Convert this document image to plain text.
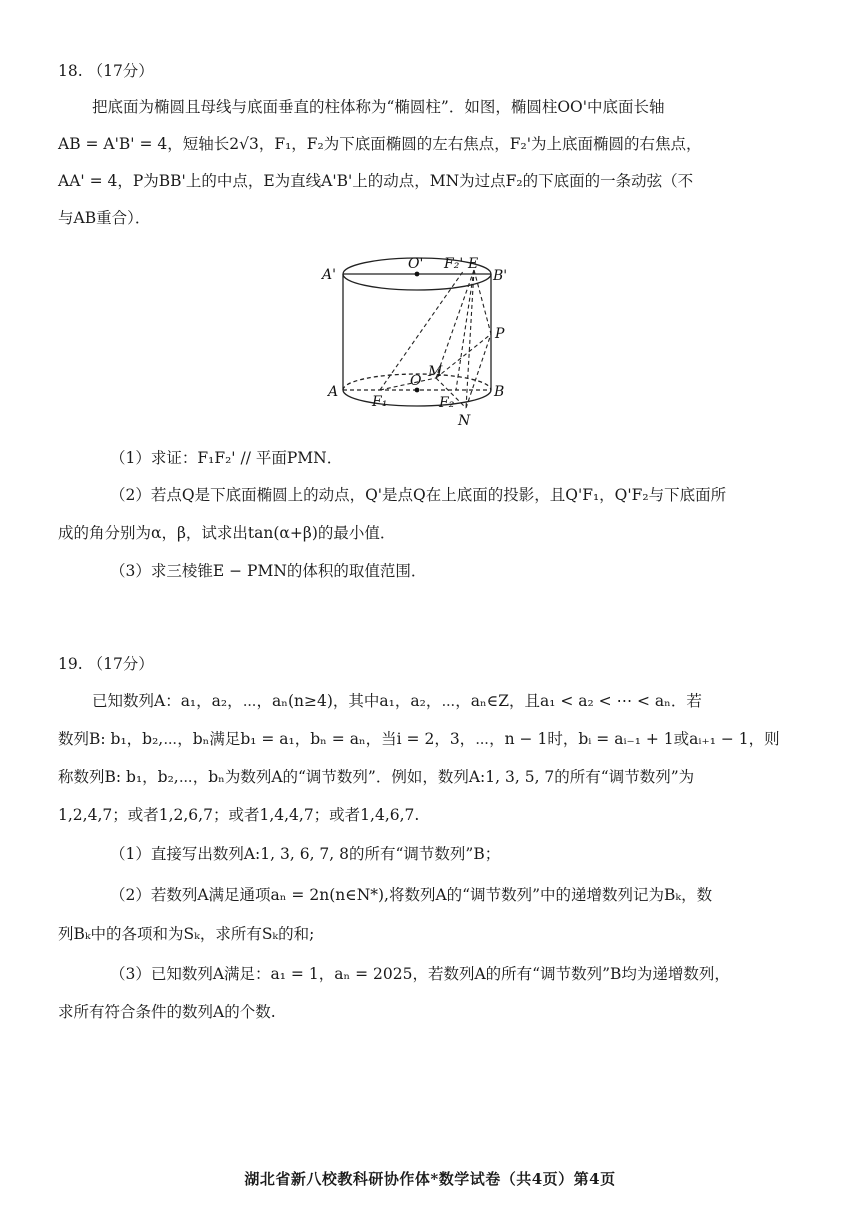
18. （17分）
把底面为椭圆且母线与底面垂直的柱体称为“椭圆柱”．如图，椭圆柱OO'中底面长轴
AB = A'B' = 4，短轴长2√3，F₁，F₂为下底面椭圆的左右焦点，F₂'为上底面椭圆的右焦点，
AA' = 4，P为BB'上的中点，E为直线A'B'上的动点，MN为过点F₂的下底面的一条动弦（不
与AB重合）．
A'
O' F₂' E
B'
P
A
O
M
B
F₁	F₂
N
（1）求证：F₁F₂' // 平面PMN．
（2）若点Q是下底面椭圆上的动点，Q'是点Q在上底面的投影，且Q'F₁，Q'F₂与下底面所
成的角分别为α，β，试求出tan(α+β)的最小值．
（3）求三棱锥E − PMN的体积的取值范围．
19. （17分）
已知数列A：a₁，a₂，⋯，aₙ(n≥4)，其中a₁，a₂，⋯，aₙ∈Z，且a₁ < a₂ < ⋯ < aₙ．若
数列B: b₁，b₂,⋯，bₙ满足b₁ = a₁，bₙ = aₙ，当i = 2，3，⋯，n − 1时，bᵢ = aᵢ₋₁ + 1或aᵢ₊₁ − 1，则
称数列B: b₁，b₂,⋯，bₙ为数列A的“调节数列”．例如，数列A:1, 3, 5, 7的所有“调节数列”为
1,2,4,7；或者1,2,6,7；或者1,4,4,7；或者1,4,6,7.
（1）直接写出数列A:1, 3, 6, 7, 8的所有“调节数列”B；
（2）若数列A满足通项aₙ = 2n(n∈N*),将数列A的“调节数列”中的递增数列记为Bₖ，数
列Bₖ中的各项和为Sₖ，求所有Sₖ的和;
（3）已知数列A满足：a₁ = 1，aₙ = 2025，若数列A的所有“调节数列”B均为递增数列，
求所有符合条件的数列A的个数.
湖北省新八校教科研协作体*数学试卷（共4页）第4页
